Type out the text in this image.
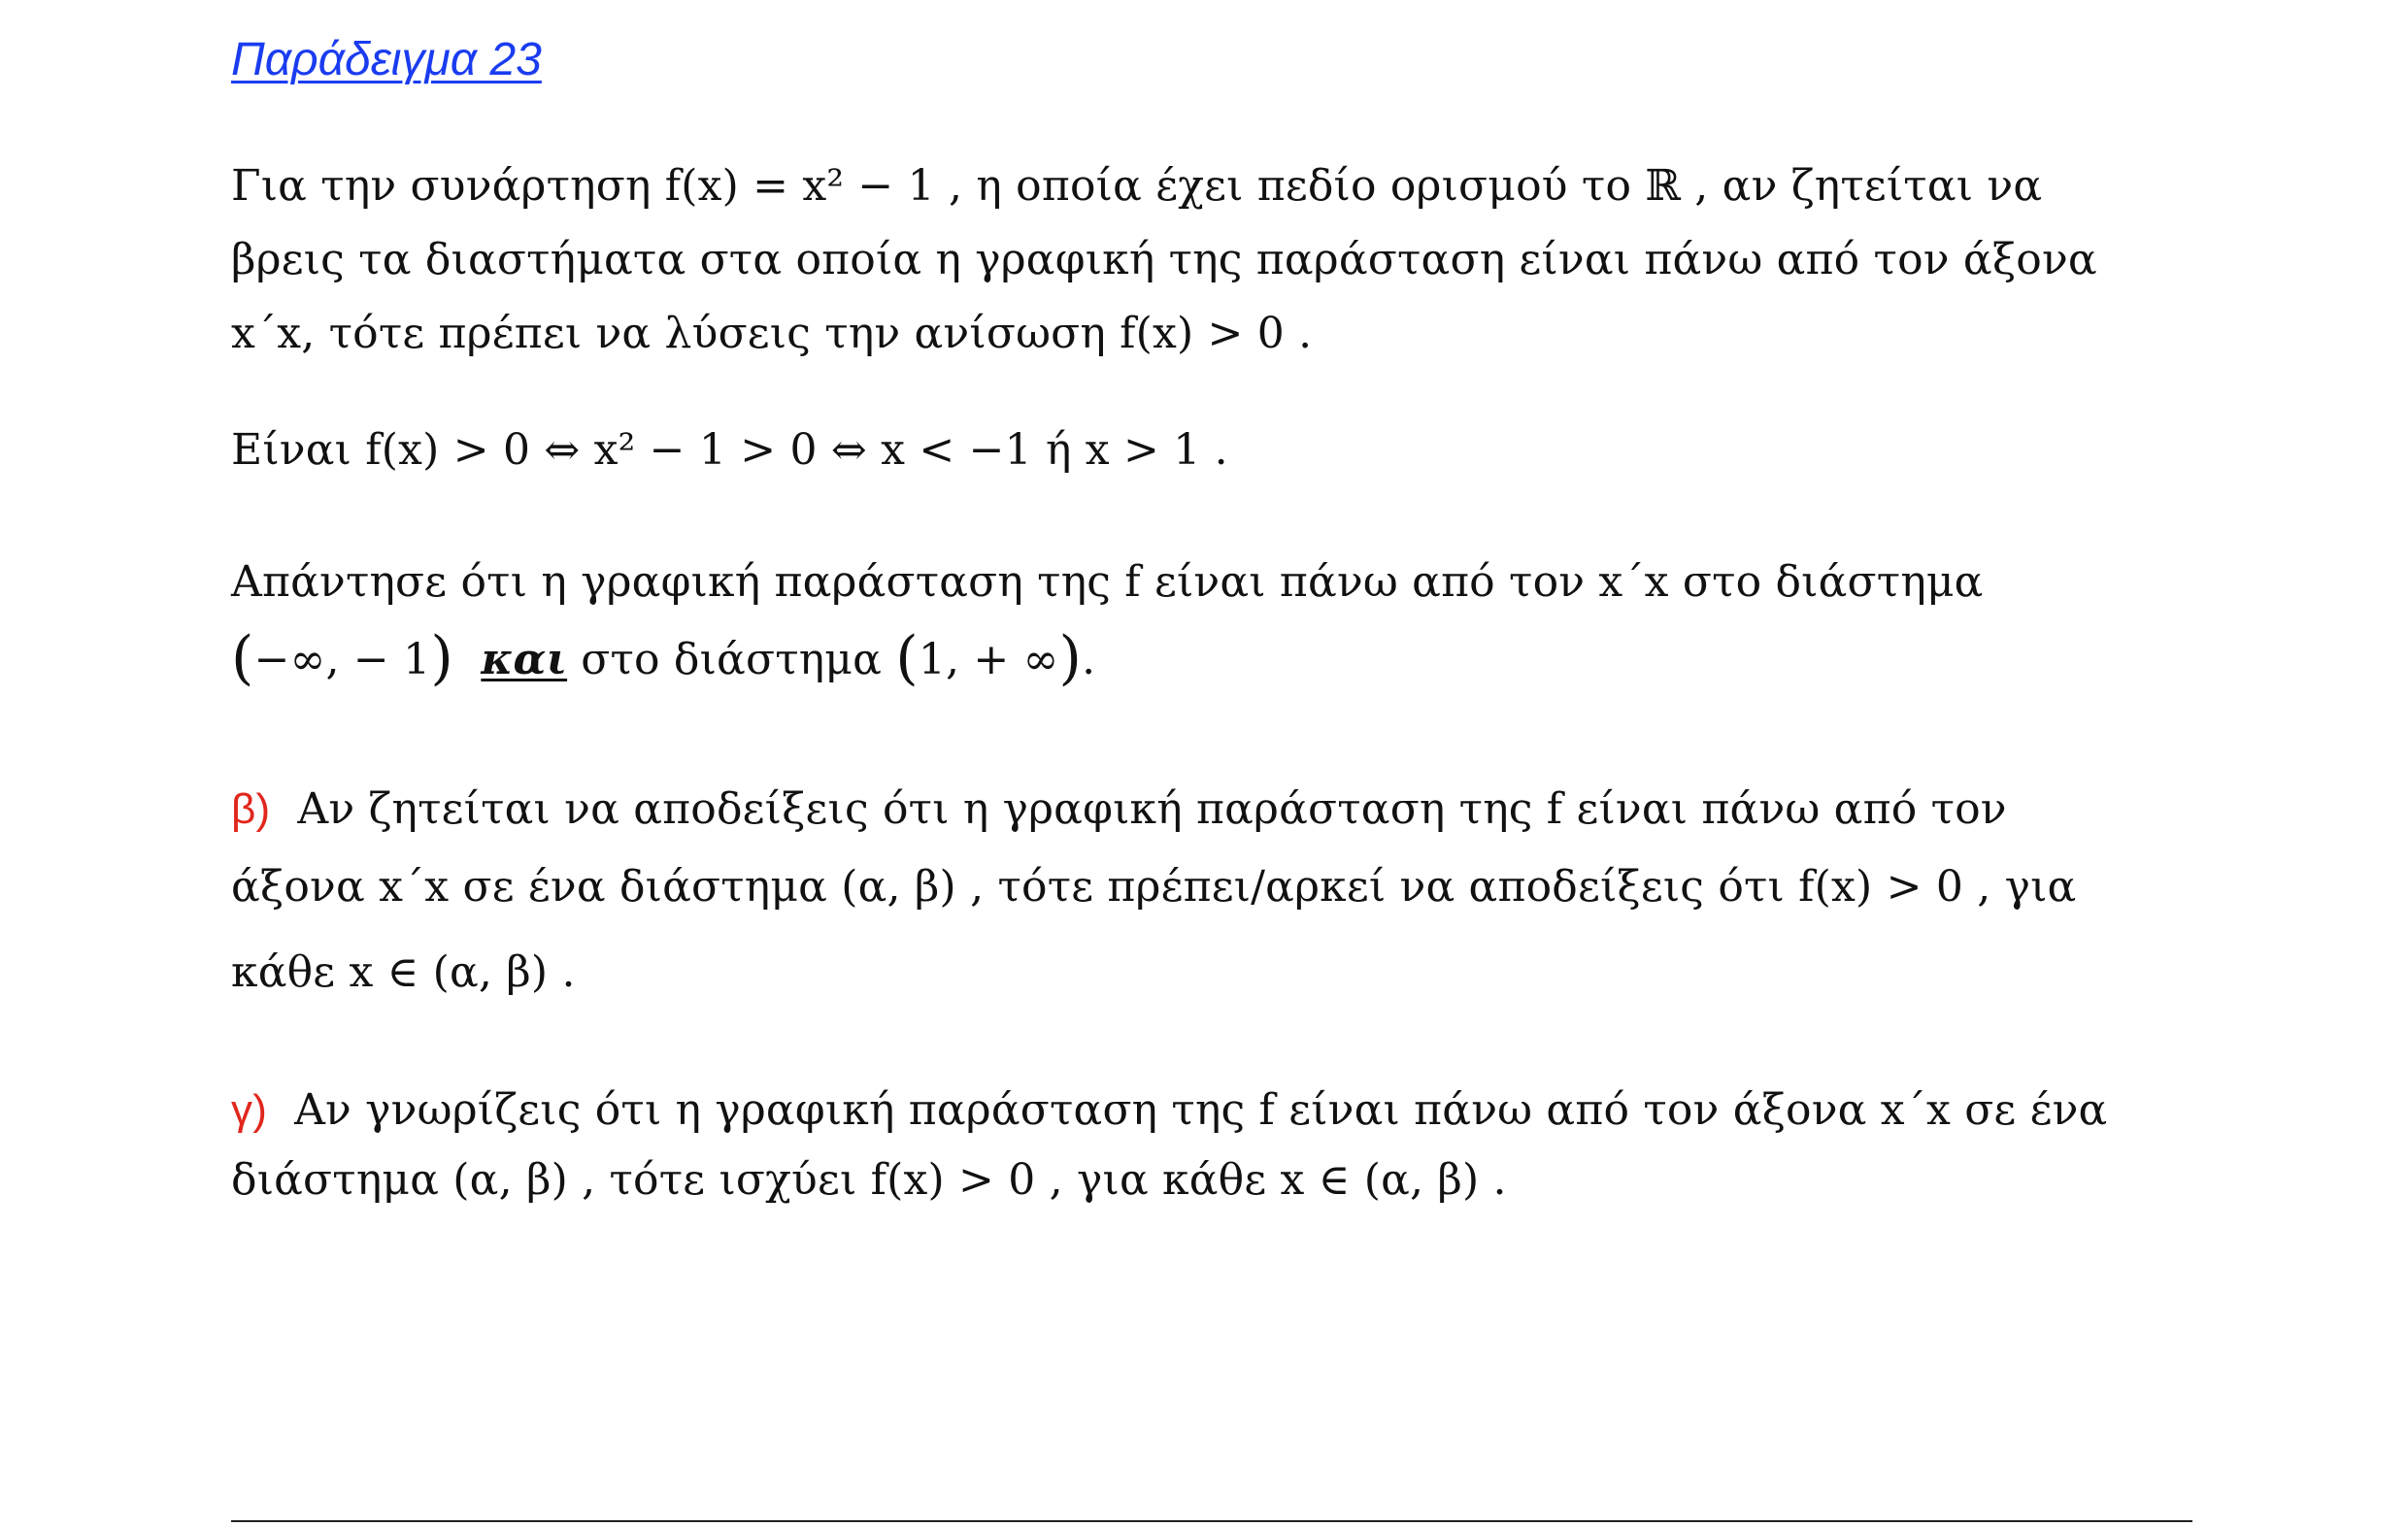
Παράδειγμα 23
Για την συνάρτηση f(x) = x² − 1 , η οποία έχει πεδίο ορισμού το ℝ , αν ζητείται να
βρεις τα διαστήματα στα οποία η γραφική της παράσταση είναι πάνω από τον άξονα
x΄x, τότε πρέπει να λύσεις την ανίσωση f(x) > 0 .
Είναι f(x) > 0 ⇔ x² − 1 > 0 ⇔ x < −1 ή x > 1 .
Απάντησε ότι η γραφική παράσταση της f είναι πάνω από τον x΄x στο διάστημα
(−∞, − 1) και στο διάστημα (1, + ∞).
β) Αν ζητείται να αποδείξεις ότι η γραφική παράσταση της f είναι πάνω από τον
άξονα x΄x σε ένα διάστημα (α, β) , τότε πρέπει/αρκεί να αποδείξεις ότι f(x) > 0 , για
κάθε x ∈ (α, β) .
γ) Αν γνωρίζεις ότι η γραφική παράσταση της f είναι πάνω από τον άξονα x΄x σε ένα
διάστημα (α, β) , τότε ισχύει f(x) > 0 , για κάθε x ∈ (α, β) .
